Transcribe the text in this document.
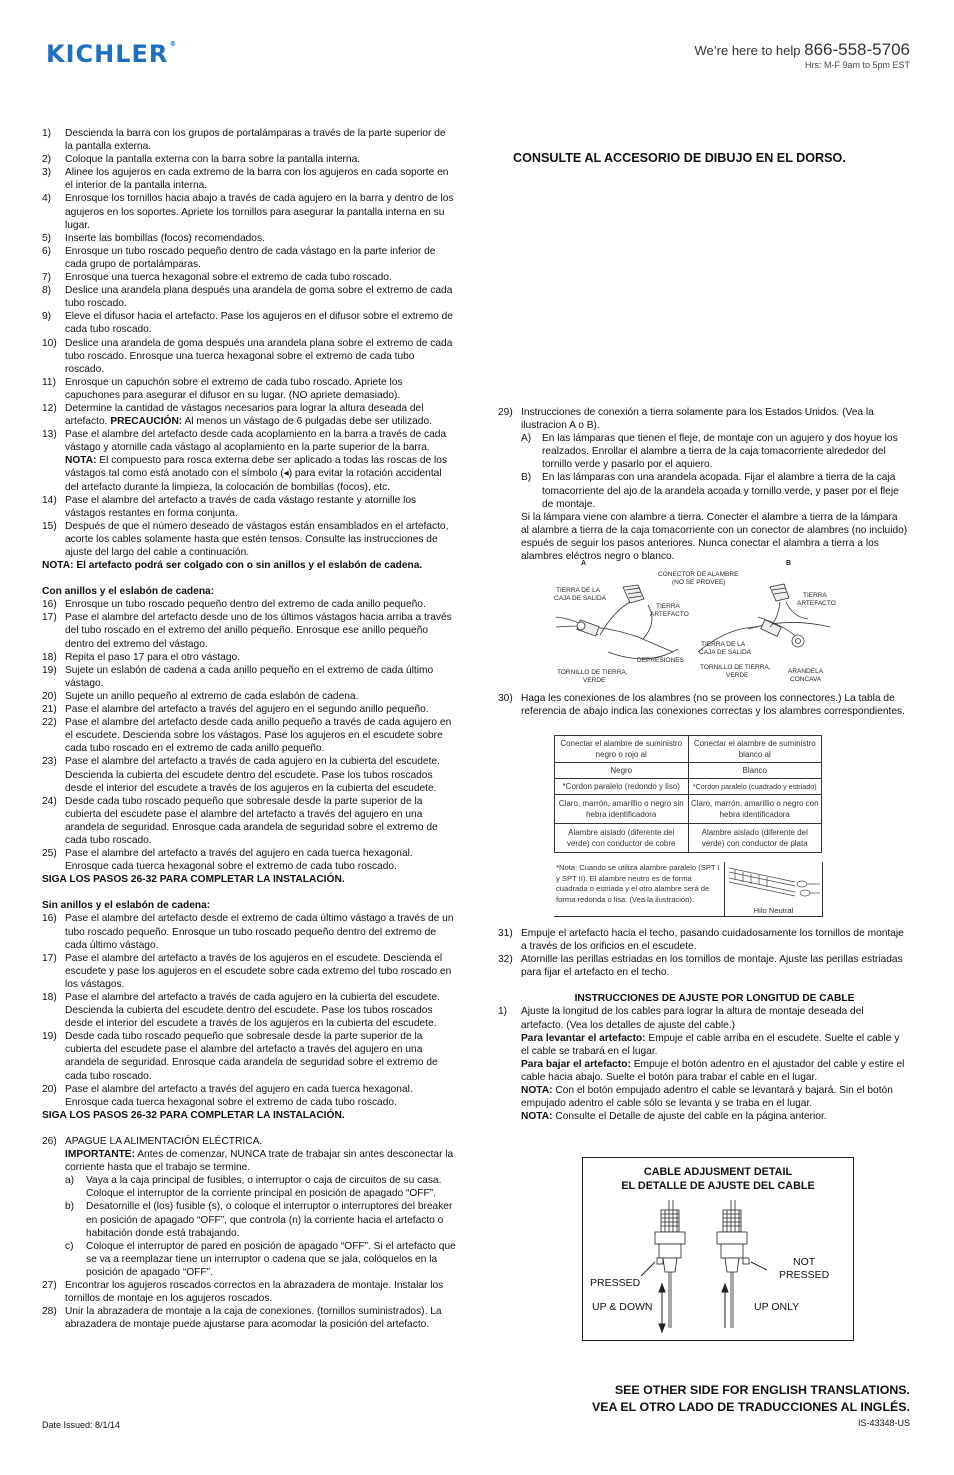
KICHLER®	We’re here to help 866-558-5706
Hrs: M-F 9am to 5pm EST
1) Descienda la barra con los grupos de portalámparas a través de la parte superior de la pantalla externa.
2) Coloque la pantalla externa con la barra sobre la pantalla interna.
3) Alinee los agujeros en cada extremo de la barra con los agujeros en cada soporte en el interior de la pantalla interna.
4) Enrosque los tornillos hacia abajo a través de cada agujero en la barra y dentro de los agujeros en los soportes. Apriete los tornillos para asegurar la pantalla interna en su lugar.
5) Inserte las bombillas (focos) recomendados.
6) Enrosque un tubo roscado pequeño dentro de cada vástago en la parte inferior de cada grupo de portalámparas.
7) Enrosque una tuerca hexagonal sobre el extremo de cada tubo roscado.
8) Deslice una arandela plana después una arandela de goma sobre el extremo de cada tubo roscado.
9) Eleve el difusor hacia el artefacto. Pase los agujeros en el difusor sobre el extremo de cada tubo roscado.
10) Deslice una arandela de goma después una arandela plana sobre el extremo de cada tubo roscado. Enrosque una tuerca hexagonal sobre el extremo de cada tubo roscado.
11) Enrosque un capuchón sobre el extremo de cada tubo roscado. Apriete los capuchones para asegurar el difusor en su lugar. (NO apriete demasiado).
12) Determine la cantidad de vástagos necesarios para lograr la altura deseada del artefacto. PRECAUCIÓN: Al menos un vástago de 6 pulgadas debe ser utilizado.
13) Pase el alambre del artefacto desde cada acoplamiento en la barra a través de cada vástago y atornille cada vástago al acoplamiento en la parte superior de la barra. NOTA: El compuesto para rosca externa debe ser aplicado a todas las roscas de los vástagos tal como está anotado con el símbolo (◂) para evitar la rotación accidental del artefacto durante la limpieza, la colocación de bombillas (focos), etc.
14) Pase el alambre del artefacto a través de cada vástago restante y atornille los vástagos restantes en forma conjunta.
15) Después de que el número deseado de vástagos están ensamblados en el artefacto, acorte los cables solamente hasta que estén tensos. Consulte las instrucciones de ajuste del largo del cable a continuación.
NOTA: El artefacto podrá ser colgado con o sin anillos y el eslabón de cadena.
Con anillos y el eslabón de cadena:
16) Enrosque un tubo roscado pequeño dentro del extremo de cada anillo pequeño.
17) Pase el alambre del artefacto desde uno de los últimos vástagos hacia arriba a través del tubo roscado en el extremo del anillo pequeño. Enrosque ese anillo pequeño dentro del extremo del vástago.
18) Repita el paso 17 para el otro vástago.
19) Sujete un eslabón de cadena a cada anillo pequeño en el extremo de cada último vástago.
20) Sujete un anillo pequeño al extremo de cada eslabón de cadena.
21) Pase el alambre del artefacto a través del agujero en el segundo anillo pequeño.
22) Pase el alambre del artefacto desde cada anillo pequeño a través de cada agujero en el escudete. Descienda sobre los vástagos. Pase los agujeros en el escudete sobre cada tubo roscado en el extremo de cada anillo pequeño.
23) Pase el alambre del artefacto a través de cada agujero en la cubierta del escudete. Descienda la cubierta del escudete dentro del escudete. Pase los tubos roscados desde el interior del escudete a través de los agujeros en la cubierta del escudete.
24) Desde cada tubo roscado pequeño que sobresale desde la parte superior de la cubierta del escudete pase el alambre del artefacto a través del agujero en una arandela de seguridad. Enrosque cada arandela de seguridad sobre el extremo de cada tubo roscado.
25) Pase el alambre del artefacto a través del agujero en cada tuerca hexagonal. Enrosque cada tuerca hexagonal sobre el extremo de cada tubo roscado.
SIGA LOS PASOS 26-32 PARA COMPLETAR LA INSTALACIÓN.
Sin anillos y el eslabón de cadena:
16) Pase el alambre del artefacto desde el extremo de cada último vástago a través de un tubo roscado pequeño. Enrosque un tubo roscado pequeño dentro del extremo de cada último vástago.
17) Pase el alambre del artefacto a través de los agujeros en el escudete. Descienda el escudete y pase los agujeros en el escudete sobre cada extremo del tubo roscado en los vástagos.
18) Pase el alambre del artefacto a través de cada agujero en la cubierta del escudete. Descienda la cubierta del escudete dentro del escudete. Pase los tubos roscados desde el interior del escudete a través de los agujeros en la cubierta del escudete.
19) Desde cada tubo roscado pequeño que sobresale desde la parte superior de la cubierta del escudete pase el alambre del artefacto a través del agujero en una arandela de seguridad. Enrosque cada arandela de seguridad sobre el extremo de cada tubo roscado.
20) Pase el alambre del artefacto a través del agujero en cada tuerca hexagonal. Enrosque cada tuerca hexagonal sobre el extremo de cada tubo roscado.
SIGA LOS PASOS 26-32 PARA COMPLETAR LA INSTALACIÓN.
26) APAGUE LA ALIMENTACIÓN ELÉCTRICA.
IMPORTANTE: Antes de comenzar, NUNCA trate de trabajar sin antes desconectar la corriente hasta que el trabajo se termine.
a) Vaya a la caja principal de fusibles, o interruptor o caja de circuitos de su casa. Coloque el interruptor de la corriente principal en posición de apagado “OFF”.
b) Desatornille el (los) fusible (s), o coloque el interruptor o interruptores del breaker en posición de apagado “OFF”, que controla (n) la corriente hacia el artefacto o habitación donde está trabajando.
c) Coloque el interruptor de pared en posición de apagado “OFF”. Si el artefacto que se va a reemplazar tiene un interruptor o cadena que se jala, colóquelos en la posición de apagado “OFF”.
27) Encontrar los agujeros roscados correctos en la abrazadera de montaje. Instalar los tornillos de montaje en los agujeros roscados.
28) Unir la abrazadera de montaje a la caja de conexiones. (tornillos suministrados). La abrazadera de montaje puede ajustarse para acomodar la posición del artefacto.
Date Issued: 8/1/14
CONSULTE AL ACCESORIO DE DIBUJO EN EL DORSO.
29) Instrucciones de conexión a tierra solamente para los Estados Unidos. (Vea la ilustracion A o B).
A) En las lámparas que tienen el fleje, de montaje con un agujero y dos hoyue los realzados. Enrollar el alambre a tierra de la caja tomacorriente alrededor del tornillo verde y pasarlo por el aquiero.
B) En las lámparas con una arandela acopada. Fijar el alambre a tierra de la caja tomacorriente del ajo de la arandela acoada y tornillo verde, y paser por el fleje de montaje.
Si la lámpara viene con alambre a tierra. Conecter el alambre a tierra de la lámpara al alambre a tierra de la caja tomacorriente con un conector de alambres (no incluido) espués de seguir los pasos anteriores. Nunca conectar el alambra a tierra a los alambres eléctros negro o blanco.
A	B
CONECTOR DE ALAMBRE
(NO SE PROVEE)
TIERRA DE LA
CAJA DE SALIDA
TIERRA
ARTEFACTO
TIERRA
ARTEFACTO
TIERRA DE LA
CAJA DE SALIDA
DEPRESIONES
TORNILLO DE TIERRA,
VERDE
TORNILLO DE TIERRA,
VERDE
ARANDELA
CONCAVA
30) Haga les conexiones de los alambres (no se proveen los connectores.) La tabla de referencia de abajo indica las conexiones correctas y los alambres correspondientes.
Conectar el alambre de suministro negro o rojo al	Conectar el alambre de suministro blanco al
Negro	Blanco
*Cordon paralelo (redondo y liso)	*Cordon paralelo (cuadrado y estriado)
Claro, marrón, amarillio o negro sin hebra identificadora	Claro, marrón, amarillio o negro con hebra identificadora
Alambre aislado (diferente del verde) con conductor de cobre	Alambre aislado (diferente del verde) con conductor de plata
*Nota: Cuando se utiliza alambre paralelo (SPT I y SPT II). El alambre neutro es de forma cuadrada o estriada y el otro alambre será de forma redonda o lisa. (Vea la ilustración).
Hilo Neutral
31) Empuje el artefacto hacia el techo, pasando cuidadosamente los tornillos de montaje a través de los orificios en el escudete.
32) Atornille las perillas estriadas en los tornillos de montaje. Ajuste las perillas estriadas para fijar el artefacto en el techo.
INSTRUCCIONES DE AJUSTE POR LONGITUD DE CABLE
1) Ajuste la longitud de los cables para lograr la altura de montaje deseada del artefacto. (Vea los detalles de ajuste del cable.)
Para levantar el artefacto: Empuje el cable arriba en el escudete. Suelte el cable y el cable se trabará en el lugar.
Para bajar el artefacto: Empuje el botón adentro en el ajustador del cable y estire el cable hacia abajo. Suelte el botón para trabar el cable en el lugar.
NOTA: Con el botón empujado adentro el cable se levantará y bajará. Sin el botón empujado adentro el cable sólo se levanta y se traba en el lugar.
NOTA: Consulte el Detalle de ajuste del cable en la página anterior.
CABLE ADJUSMENT DETAIL
EL DETALLE DE AJUSTE DEL CABLE
PRESSED
UP & DOWN
NOT
PRESSED
UP ONLY
SEE OTHER SIDE FOR ENGLISH TRANSLATIONS.
VEA EL OTRO LADO DE TRADUCCIONES AL INGLÉS.
IS-43348-US
